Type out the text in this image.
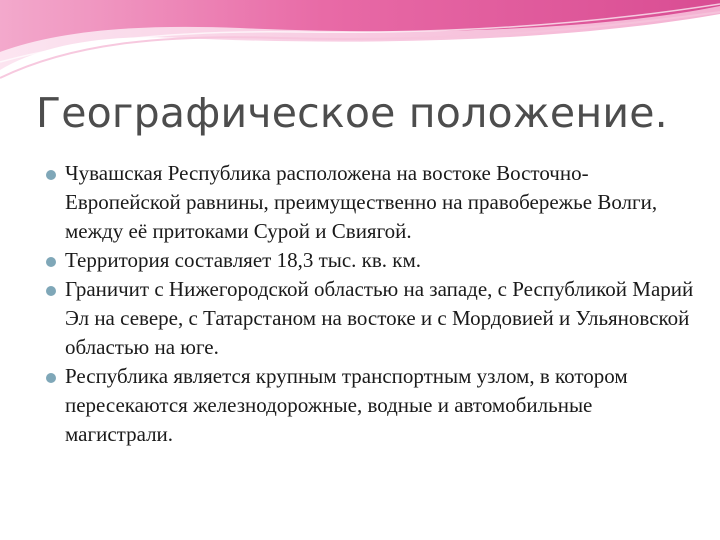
Географическое положение.
Чувашская Республика расположена на востоке Восточно-Европейской равнины, преимущественно на правобережье Волги, между её притоками Сурой и Свиягой.
Территория составляет 18,3 тыс. кв. км.
Граничит с Нижегородской областью на западе, с Республикой Марий Эл на севере, с Татарстаном на востоке и с Мордовией и Ульяновской областью на юге.
Республика является крупным транспортным узлом, в котором пересекаются железнодорожные, водные и автомобильные магистрали.
